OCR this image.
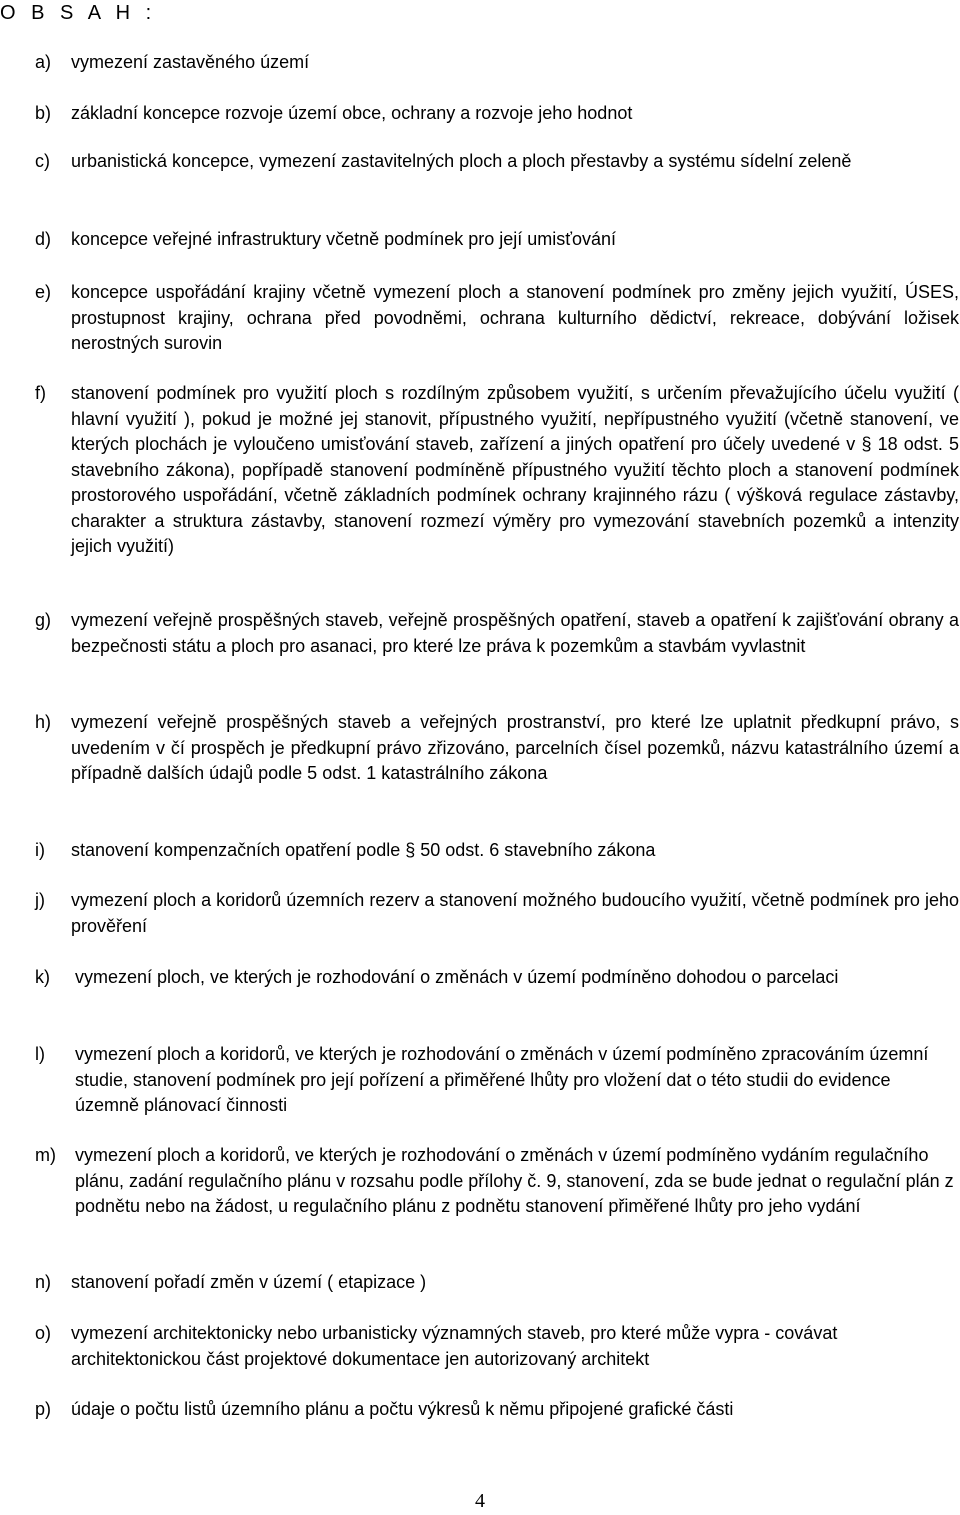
O B S A H :
a) vymezení zastavěného území
b) základní koncepce rozvoje území obce, ochrany a rozvoje jeho hodnot
c) urbanistická koncepce, vymezení zastavitelných ploch a ploch přestavby a systému sídelní zeleně
d) koncepce veřejné infrastruktury včetně podmínek pro její umisťování
e) koncepce uspořádání krajiny včetně vymezení ploch a stanovení podmínek pro změny jejich využití, ÚSES, prostupnost krajiny, ochrana před povodněmi, ochrana kulturního dědictví, rekreace, dobývání ložisek nerostných surovin
f) stanovení podmínek pro využití ploch s rozdílným způsobem využití, s určením převažujícího účelu využití ( hlavní využití ), pokud je možné jej stanovit, přípustného využití, nepřípustného využití (včetně stanovení, ve kterých plochách je vyloučeno umisťování staveb, zařízení a jiných opatření pro účely uvedené v § 18 odst. 5 stavebního zákona), popřípadě stanovení podmíněně přípustného využití těchto ploch a stanovení podmínek prostorového uspořádání, včetně základních podmínek ochrany krajinného rázu ( výšková regulace zástavby, charakter a struktura zástavby, stanovení rozmezí výměry pro vymezování stavebních pozemků a intenzity jejich využití)
g) vymezení veřejně prospěšných staveb, veřejně prospěšných opatření, staveb a opatření k zajišťování obrany a bezpečnosti státu a ploch pro asanaci, pro které lze práva k pozemkům a stavbám vyvlastnit
h) vymezení veřejně prospěšných staveb a veřejných prostranství, pro které lze uplatnit předkupní právo, s uvedením v čí prospěch je předkupní právo zřizováno, parcelních čísel pozemků, názvu katastrálního území a případně dalších údajů podle 5 odst. 1 katastrálního zákona
i) stanovení kompenzačních opatření podle § 50 odst. 6 stavebního zákona
j) vymezení ploch a koridorů územních rezerv a stanovení možného budoucího využití, včetně podmínek pro jeho prověření
k) vymezení ploch, ve kterých je rozhodování o změnách v území podmíněno dohodou o parcelaci
l) vymezení ploch a koridorů, ve kterých je rozhodování o změnách v území podmíněno zpracováním územní studie, stanovení podmínek pro její pořízení a přiměřené lhůty pro vložení dat o této studii do evidence územně plánovací činnosti
m) vymezení ploch a koridorů, ve kterých je rozhodování o změnách v území podmíněno vydáním regulačního plánu, zadání regulačního plánu v rozsahu podle přílohy č. 9, stanovení, zda se bude jednat o regulační plán z podnětu nebo na žádost, u regulačního plánu z podnětu stanovení přiměřené lhůty pro jeho vydání
n) stanovení pořadí změn v území ( etapizace )
o) vymezení architektonicky nebo urbanisticky významných staveb, pro které může vypra - covávat architektonickou část projektové dokumentace jen autorizovaný architekt
p) údaje o počtu listů územního plánu a počtu výkresů k němu připojené grafické části
4
